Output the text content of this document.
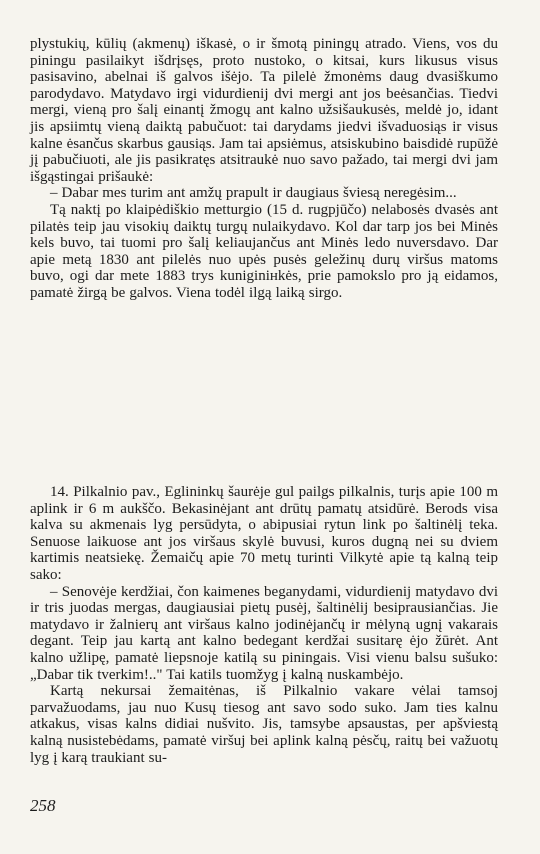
plystukių, kūlių (akmenų) iškasė, o ir šmotą piningų atrado. Viens, vos du piningu pasilaikyt išdrįsęs, proto nustoko, o kitsai, kurs likusus visus pasisavino, abelnai iš galvos išėjo. Ta pilelė žmonėms daug dvasiškumo parodydavo. Matydavo irgi vidurdienij dvi mergi ant jos beėsančias. Tiedvi mergi, vieną pro šalį einantį žmogų ant kalno užsišaukusės, meldė jo, idant jis apsiimtų vieną daiktą pabučuot: tai darydams jiedvi išvaduosiąs ir visus kalne ėsančus skarbus gausiąs. Jam tai apsiėmus, atsiskubino baisdidė rupūžė jį pabučiuoti, ale jis pasikratęs atsitraukė nuo savo pažado, tai mergi dvi jam išgąstingai prišaukė:

– Dabar mes turim ant amžų prapult ir daugiaus šviesą neregėsim...

Tą naktį po klaipėdiškio metturgio (15 d. rugpjūčo) nelabosės dvasės ant pilatės teip jau visokių daiktų turgų nulaikydavo. Kol dar tarp jos bei Minės kels buvo, tai tuomi pro šalį keliaujančus ant Minės ledo nuversdavo. Dar apie metą 1830 ant pilelės nuo upės pusės geležinų durų viršus matoms buvo, ogi dar mete 1883 trys kuniginінkės, prie pamokslo pro ją eidamos, pamatė žirgą be galvos. Viena todėl ilgą laiką sirgo.

14. Pilkalnio pav., Eglininkų šaurėje gul pailgs pilkalnis, turįs apie 100 m aplink ir 6 m aukščo. Bekasinėjant ant drūtų pamatų atsidūrė. Berods visa kalva su akmenais lyg persūdyta, o abipusiai rytun link po šaltinėlį teka. Senuose laikuose ant jos viršaus skylė buvusi, kuros dugną nei su dviem kartimis neatsiekę. Žemaičų apie 70 metų turinti Vilkytė apie tą kalną teip sako:

– Senovėje kerdžiai, čon kaimenes beganydami, vidurdienij matydavo dvi ir tris juodas mergas, daugiausiai pietų pusėj, šaltinėlij besiprausiančias. Jie matydavo ir žalnierų ant viršaus kalno jodinėjančų ir mėlyną ugnį vakarais degant. Teip jau kartą ant kalno bedegant kerdžai susitarę ėjo žūrėt. Ant kalno užlipę, pamatė liepsnoje katilą su piningais. Visi vienu balsu sušuko: „Dabar tik tverkim!.." Tai katils tuomžyg į kalną nuskambėjo.

Kartą nekursai žemaitėnas, iš Pilkalnio vakare vėlai tamsoj parvažuodams, jau nuo Kusų tiesog ant savo sodo suko. Jam ties kalnu atkakus, visas kalns didiai nušvito. Jis, tamsybe apsaustas, per apšviestą kalną nusistebėdams, pamatė viršuj bei aplink kalną pėsčų, raitų bei važuotų lyg į karą traukiant su-

258
